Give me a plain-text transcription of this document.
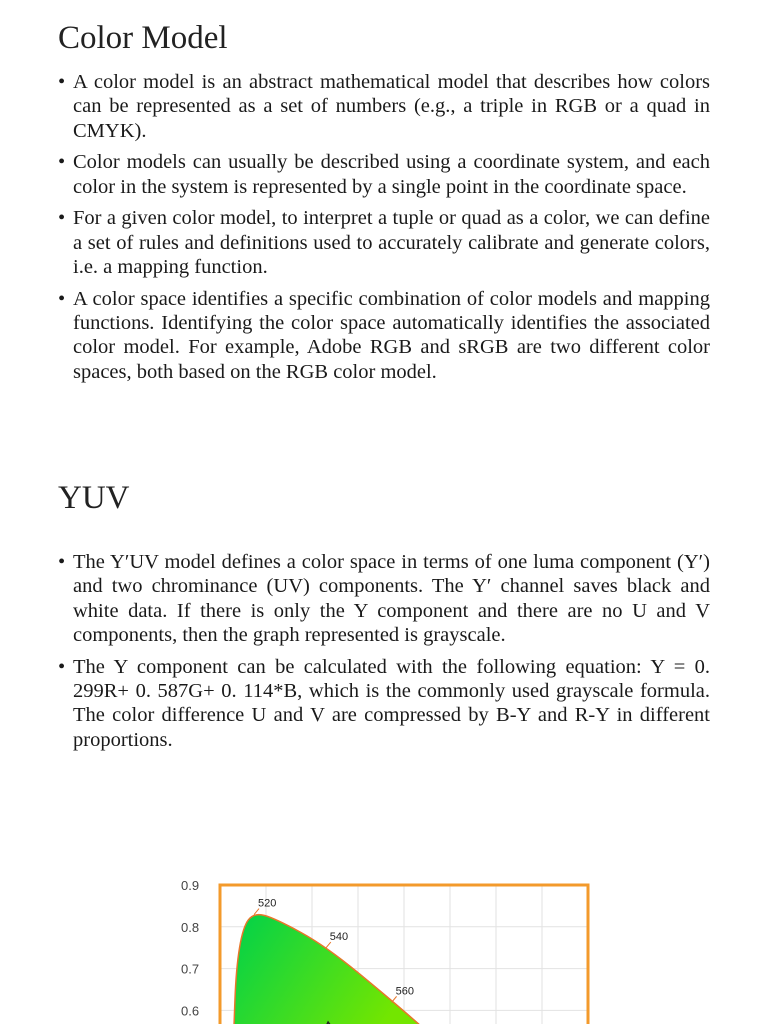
Color Model
• A color model is an abstract mathematical model that describes how colors can be represented as a set of numbers (e.g., a triple in RGB or a quad in CMYK).
• Color models can usually be described using a coordinate system, and each color in the system is represented by a single point in the coordinate space.
• For a given color model, to interpret a tuple or quad as a color, we can define a set of rules and definitions used to accurately calibrate and generate colors, i.e. a mapping function.
• A color space identifies a specific combination of color models and mapping functions. Identifying the color space automatically identifies the associated color model. For example, Adobe RGB and sRGB are two different color spaces, both based on the RGB color model.
YUV
• The Y′UV model defines a color space in terms of one luma component (Y′) and two chrominance (UV) components. The Y′ channel saves black and white data. If there is only the Y component and there are no U and V components, then the graph represented is grayscale.
• The Y component can be calculated with the following equation: Y = 0. 299R+ 0. 587G+ 0. 114*B, which is the commonly used grayscale formula. The color difference U and V are compressed by B-Y and R-Y in different proportions.
0.9
0.8
0.7
0.6
520
540
560
